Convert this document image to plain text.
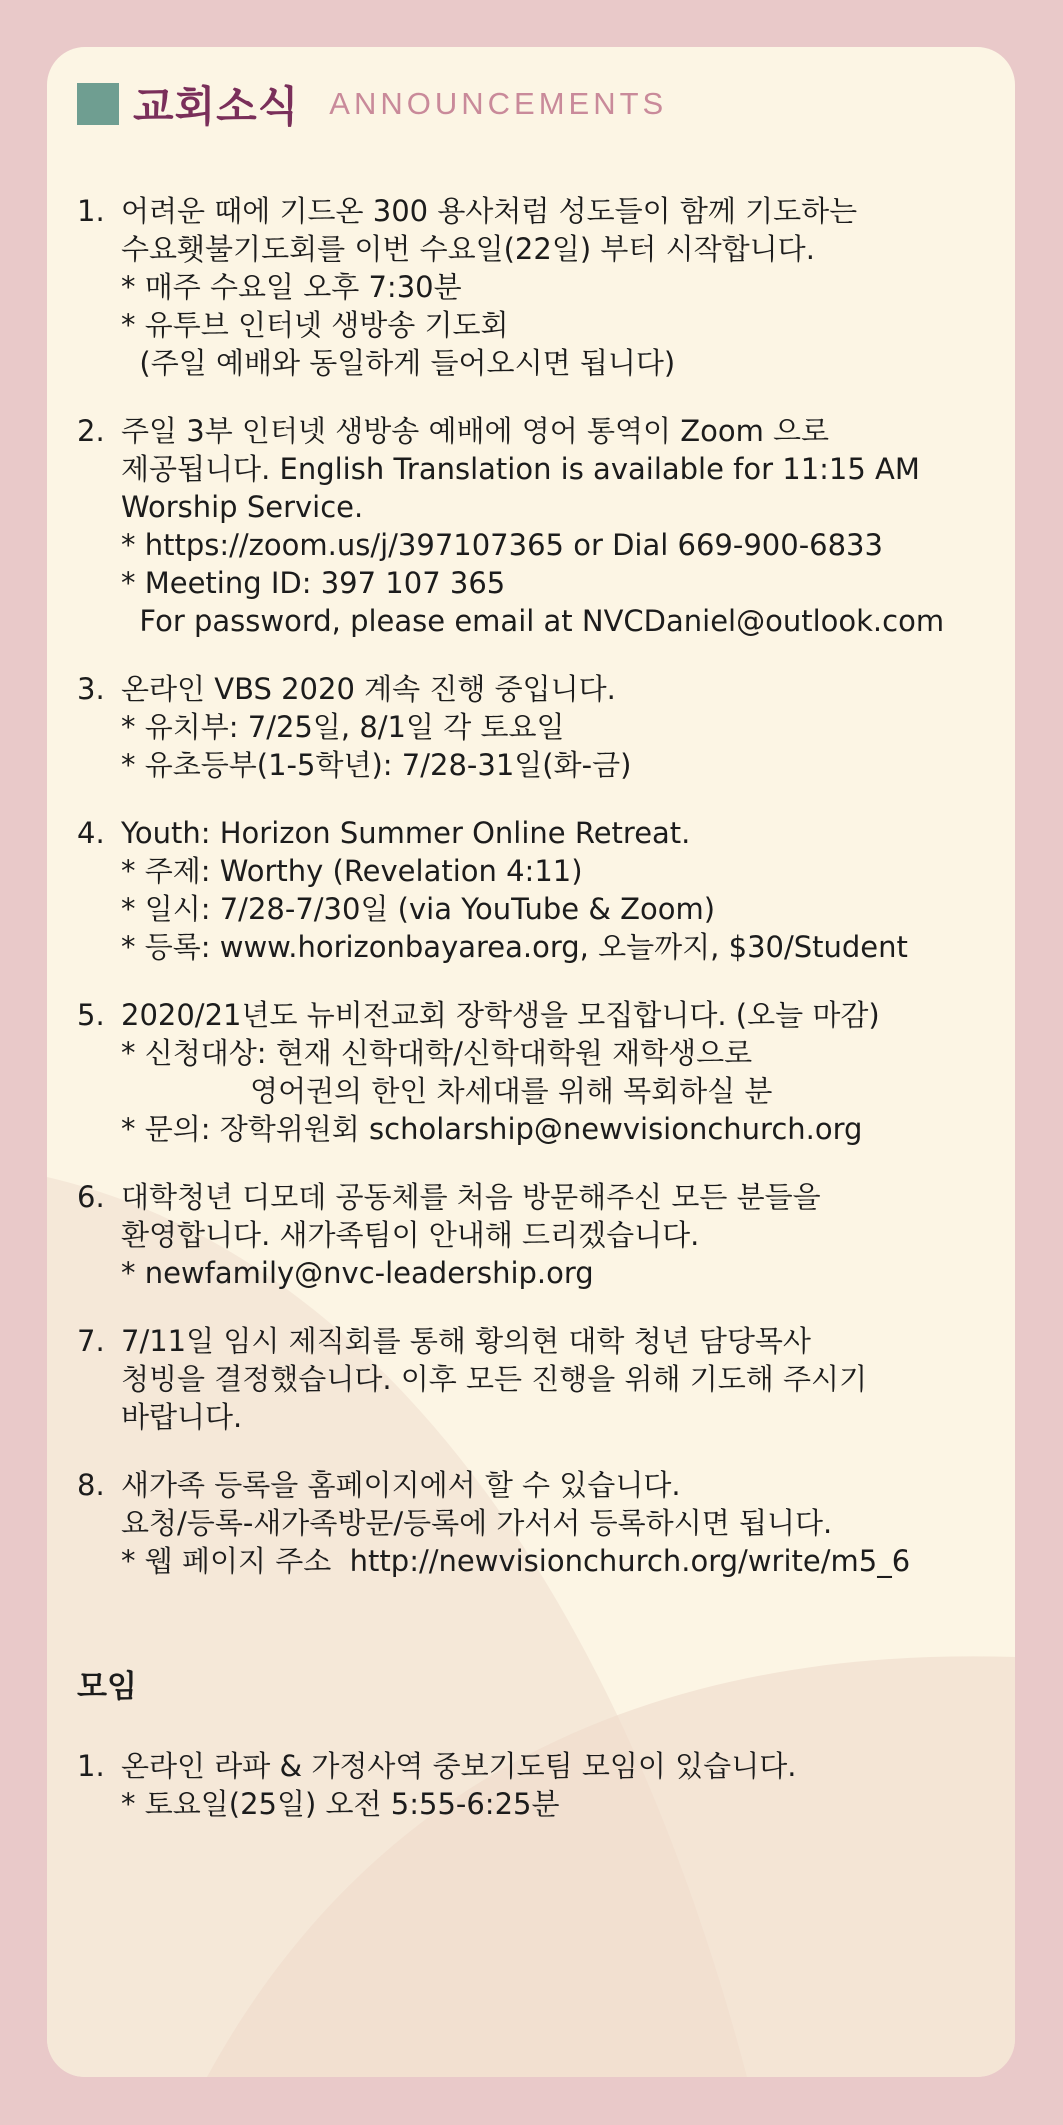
교회소식 ANNOUNCEMENTS
1. 어려운 때에 기드온 300 용사처럼 성도들이 함께 기도하는
수요횃불기도회를 이번 수요일(22일) 부터 시작합니다.
* 매주 수요일 오후 7:30분
* 유투브 인터넷 생방송 기도회
(주일 예배와 동일하게 들어오시면 됩니다)
2. 주일 3부 인터넷 생방송 예배에 영어 통역이 Zoom 으로
제공됩니다. English Translation is available for 11:15 AM
Worship Service.
* https://zoom.us/j/397107365 or Dial 669-900-6833
* Meeting ID: 397 107 365
For password, please email at NVCDaniel@outlook.com
3. 온라인 VBS 2020 계속 진행 중입니다.
* 유치부: 7/25일, 8/1일 각 토요일
* 유초등부(1-5학년): 7/28-31일(화-금)
4. Youth: Horizon Summer Online Retreat.
* 주제: Worthy (Revelation 4:11)
* 일시: 7/28-7/30일 (via YouTube & Zoom)
* 등록: www.horizonbayarea.org, 오늘까지, $30/Student
5. 2020/21년도 뉴비전교회 장학생을 모집합니다. (오늘 마감)
* 신청대상: 현재 신학대학/신학대학원 재학생으로
영어권의 한인 차세대를 위해 목회하실 분
* 문의: 장학위원회 scholarship@newvisionchurch.org
6. 대학청년 디모데 공동체를 처음 방문해주신 모든 분들을
환영합니다. 새가족팀이 안내해 드리겠습니다.
* newfamily@nvc-leadership.org
7. 7/11일 임시 제직회를 통해 황의현 대학 청년 담당목사
청빙을 결정했습니다. 이후 모든 진행을 위해 기도해 주시기
바랍니다.
8. 새가족 등록을 홈페이지에서 할 수 있습니다.
요청/등록-새가족방문/등록에 가서서 등록하시면 됩니다.
* 웹 페이지 주소  http://newvisionchurch.org/write/m5_6
모임
1. 온라인 라파 & 가정사역 중보기도팀 모임이 있습니다.
* 토요일(25일) 오전 5:55-6:25분
